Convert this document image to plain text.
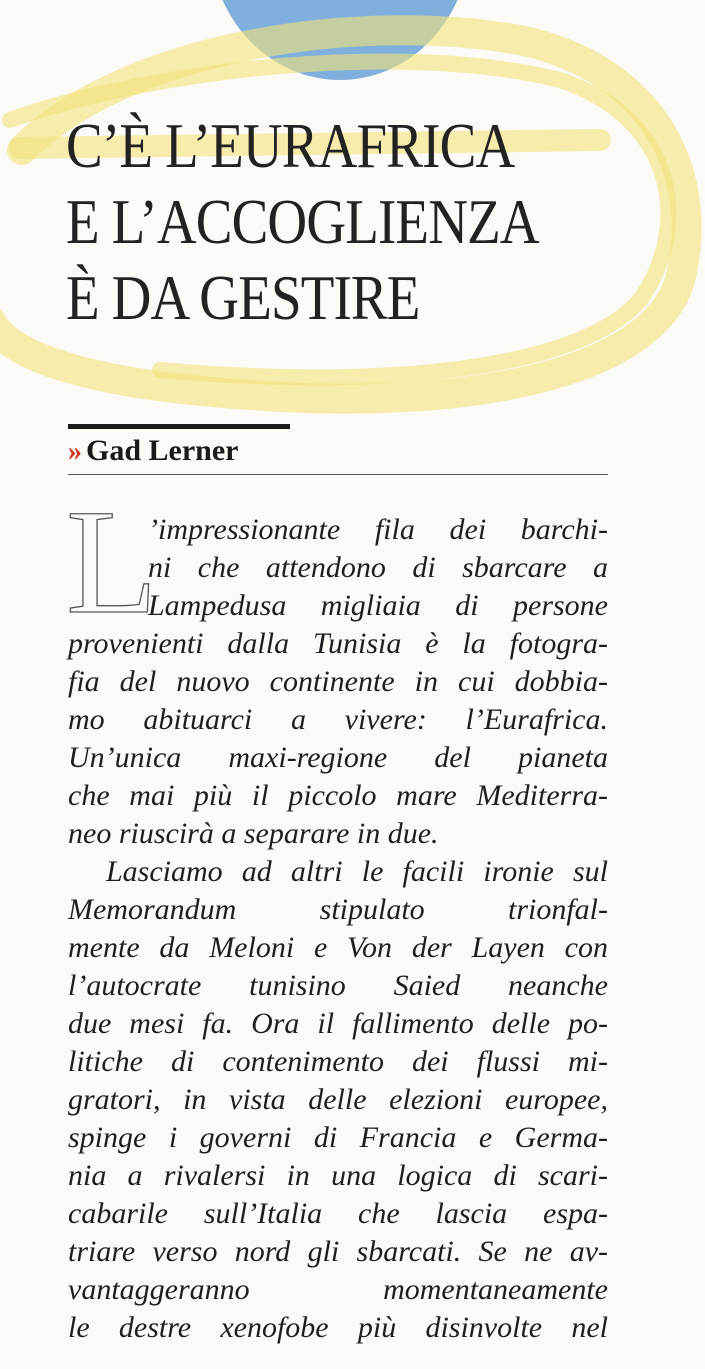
C’È L’EURAFRICA
E L’ACCOGLIENZA
È DA GESTIRE
» Gad Lerner
L
’impressionante fila dei barchi-
ni che attendono di sbarcare a
Lampedusa migliaia di persone
provenienti dalla Tunisia è la fotogra-
fia del nuovo continente in cui dobbia-
mo abituarci a vivere: l’Eurafrica.
Un’unica maxi-regione del pianeta
che mai più il piccolo mare Mediterra-
neo riuscirà a separare in due.
Lasciamo ad altri le facili ironie sul
Memorandum stipulato trionfal-
mente da Meloni e Von der Layen con
l’autocrate tunisino Saied neanche
due mesi fa. Ora il fallimento delle po-
litiche di contenimento dei flussi mi-
gratori, in vista delle elezioni europee,
spinge i governi di Francia e Germa-
nia a rivalersi in una logica di scari-
cabarile sull’Italia che lascia espa-
triare verso nord gli sbarcati. Se ne av-
vantaggeranno momentaneamente
le destre xenofobe più disinvolte nel
